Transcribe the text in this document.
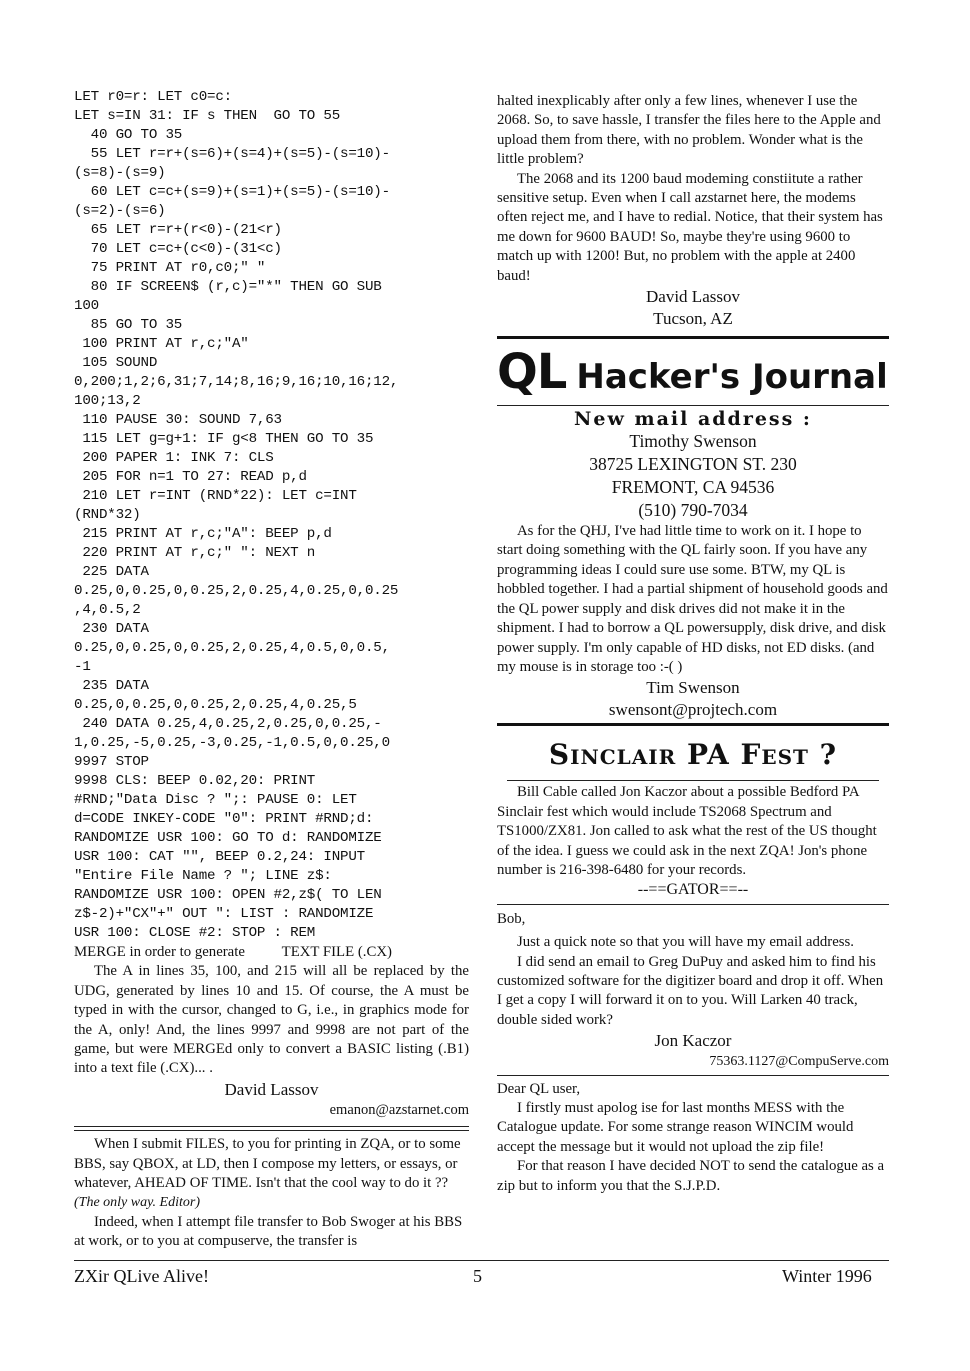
LET r0=r: LET c0=c:
LET s=IN 31: IF s THEN  GO TO 55
40 GO TO 35
55 LET r=r+(s=6)+(s=4)+(s=5)-(s=10)-
(s=8)-(s=9)
60 LET c=c+(s=9)+(s=1)+(s=5)-(s=10)-
(s=2)-(s=6)
65 LET r=r+(r<0)-(21<r)
70 LET c=c+(c<0)-(31<c)
75 PRINT AT r0,c0;" "
80 IF SCREEN$ (r,c)="*" THEN GO SUB
100
85 GO TO 35
100 PRINT AT r,c;"A"
105 SOUND
0,200;1,2;6,31;7,14;8,16;9,16;10,16;12,
100;13,2
110 PAUSE 30: SOUND 7,63
115 LET g=g+1: IF g<8 THEN GO TO 35
200 PAPER 1: INK 7: CLS
205 FOR n=1 TO 27: READ p,d
210 LET r=INT (RND*22): LET c=INT
(RND*32)
215 PRINT AT r,c;"A": BEEP p,d
220 PRINT AT r,c;" ": NEXT n
225 DATA
0.25,0,0.25,0,0.25,2,0.25,4,0.25,0,0.25
,4,0.5,2
230 DATA
0.25,0,0.25,0,0.25,2,0.25,4,0.5,0,0.5,
-1
235 DATA
0.25,0,0.25,0,0.25,2,0.25,4,0.25,5
240 DATA 0.25,4,0.25,2,0.25,0,0.25,-
1,0.25,-5,0.25,-3,0.25,-1,0.5,0,0.25,0
9997 STOP
9998 CLS: BEEP 0.02,20: PRINT
#RND;"Data Disc ? ";: PAUSE 0: LET
d=CODE INKEY-CODE "0": PRINT #RND;d:
RANDOMIZE USR 100: GO TO d: RANDOMIZE
USR 100: CAT "", BEEP 0.2,24: INPUT
"Entire File Name ? "; LINE z$:
RANDOMIZE USR 100: OPEN #2,z$( TO LEN
z$-2)+"CX"+" OUT ": LIST : RANDOMIZE
USR 100: CLOSE #2: STOP : REM

MERGE in order to generate          TEXT FILE (.CX)

The A in lines 35, 100, and 215 will all be replaced by the UDG, generated by lines 10 and 15. Of course, the A must be typed in with the cursor, changed to G, i.e., in graphics mode for the A, only! And, the lines 9997 and 9998 are not part of the game, but were MERGEd only to convert a BASIC listing (.B1) into a text file (.CX)... .

David Lassov

emanon@azstarnet.com

When I submit FILES, to you for printing in ZQA, or to some BBS, say QBOX, at LD, then I compose my letters, or essays, or whatever, AHEAD OF TIME. Isn't that the cool way to do it ?? (The only way. Editor)

Indeed, when I attempt file transfer to Bob Swoger at his BBS at work, or to you at compuserve, the transfer is

halted inexplicably after only a few lines, whenever I use the 2068. So, to save hassle, I transfer the files here to the Apple and upload them from there, with no problem. Wonder what is the little problem?

The 2068 and its 1200 baud modeming constiitute a rather sensitive setup. Even when I call azstarnet here, the modems often reject me, and I have to redial. Notice, that their system has me down for 9600 BAUD! So, maybe they're using 9600 to match up with 1200! But, no problem with the apple at 2400 baud!

David Lassov

Tucson, AZ

QL Hacker's Journal

New mail address :

Timothy Swenson
38725 LEXINGTON ST. 230
FREMONT, CA 94536
(510) 790-7034

As for the QHJ, I've had little time to work on it. I hope to start doing something with the QL fairly soon. If you have any programming ideas I could sure use some. BTW, my QL is hobbled together. I had a partial shipment of household goods and the QL power supply and disk drives did not make it in the shipment. I had to borrow a QL powersupply, disk drive, and disk power supply. I'm only capable of HD disks, not ED disks. (and my mouse is in storage too :-( )

Tim Swenson

swensont@projtech.com

Sinclair PA Fest ?

Bill Cable called Jon Kaczor about a possible Bedford PA Sinclair fest which would include TS2068 Spectrum and TS1000/ZX81. Jon called to ask what the rest of the US thought of the idea. I guess we could ask in the next ZQA! Jon's phone number is 216-398-6480 for your records.

--==GATOR==--

Bob,

Just a quick note so that you will have my email address.

I did send an email to Greg DuPuy and asked him to find his customized software for the digitizer board and drop it off. When I get a copy I will forward it on to you. Will Larken 40 track, double sided work?

Jon Kaczor

75363.1127@CompuServe.com

Dear QL user,

I firstly must apolog ise for last months MESS with the Catalogue update. For some strange reason WINCIM would accept the message but it would not upload the zip file!

For that reason I have decided NOT to send the catalogue as a zip but to inform you that the S.J.P.D.

ZXir QLive Alive!	5	Winter 1996
